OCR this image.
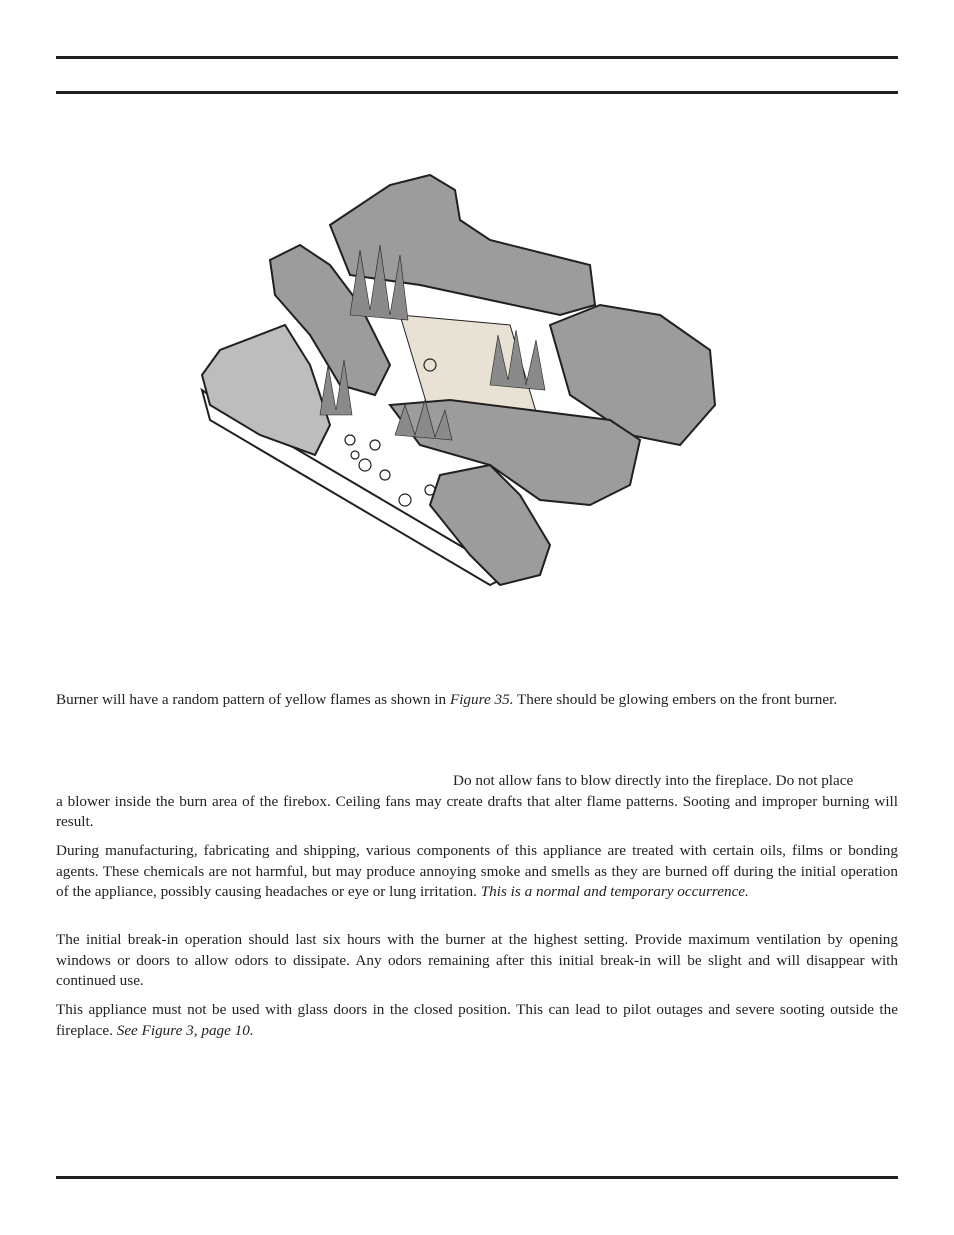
Burner will have a random pattern of yellow flames as shown in Figure 35. There should be glowing embers on the front burner.

Do not allow fans to blow directly into the fireplace. Do not place
a blower inside the burn area of the firebox. Ceiling fans may create drafts that alter flame patterns. Sooting and improper burning will result.

During manufacturing, fabricating and shipping, various components of this appliance are treated with certain oils, films or bonding agents. These chemicals are not harmful, but may produce annoying smoke and smells as they are burned off during the initial operation of the appliance, possibly causing headaches or eye or lung irritation. This is a normal and temporary occurrence.

The initial break-in operation should last six hours with the burner at the highest setting. Provide maximum ventilation by opening windows or doors to allow odors to dissipate. Any odors remaining after this initial break-in will be slight and will disappear with continued use.

This appliance must not be used with glass doors in the closed position. This can lead to pilot outages and severe sooting outside the fireplace. See Figure 3, page 10.
